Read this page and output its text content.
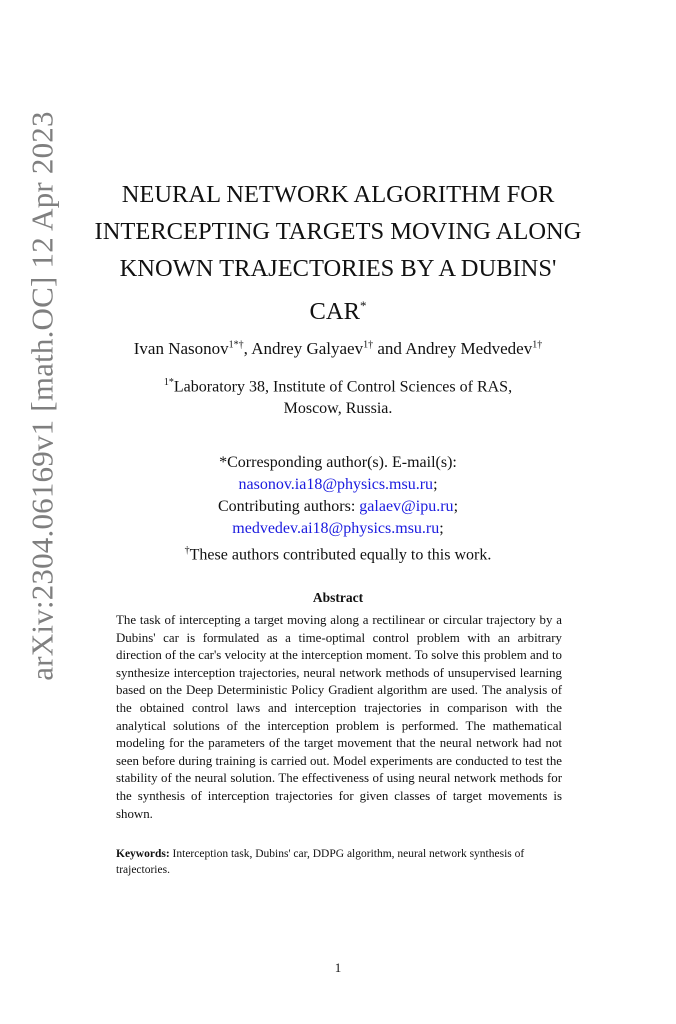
arXiv:2304.06169v1 [math.OC] 12 Apr 2023	NEURAL NETWORK ALGORITHM FOR INTERCEPTING TARGETS MOVING ALONG KNOWN TRAJECTORIES BY A DUBINS' CAR*
Ivan Nasonov$^{1*\dagger}$, Andrey Galyaev$^{1\dagger}$ and Andrey Medvedev$^{1\dagger}$
$^{1*}$Laboratory 38, Institute of Control Sciences of RAS,
Moscow, Russia.
*Corresponding author(s). E-mail(s):
nasonov.ia18@physics.msu.ru;
Contributing authors: galaev@ipu.ru;
medvedev.ai18@physics.msu.ru;
†These authors contributed equally to this work.
Abstract
The task of intercepting a target moving along a rectilinear or circular trajectory by a Dubins' car is formulated as a time-optimal control problem with an arbitrary direction of the car's velocity at the interception moment. To solve this problem and to synthesize interception trajectories, neural network methods of unsupervised learning based on the Deep Deterministic Policy Gradient algorithm are used. The analysis of the obtained control laws and interception trajectories in comparison with the analytical solutions of the interception problem is performed. The mathematical modeling for the parameters of the target movement that the neural network had not seen before during training is carried out. Model experiments are conducted to test the stability of the neural solution. The effectiveness of using neural network methods for the synthesis of interception trajectories for given classes of target movements is shown.
Keywords: Interception task, Dubins' car, DDPG algorithm, neural network synthesis of trajectories.
1
